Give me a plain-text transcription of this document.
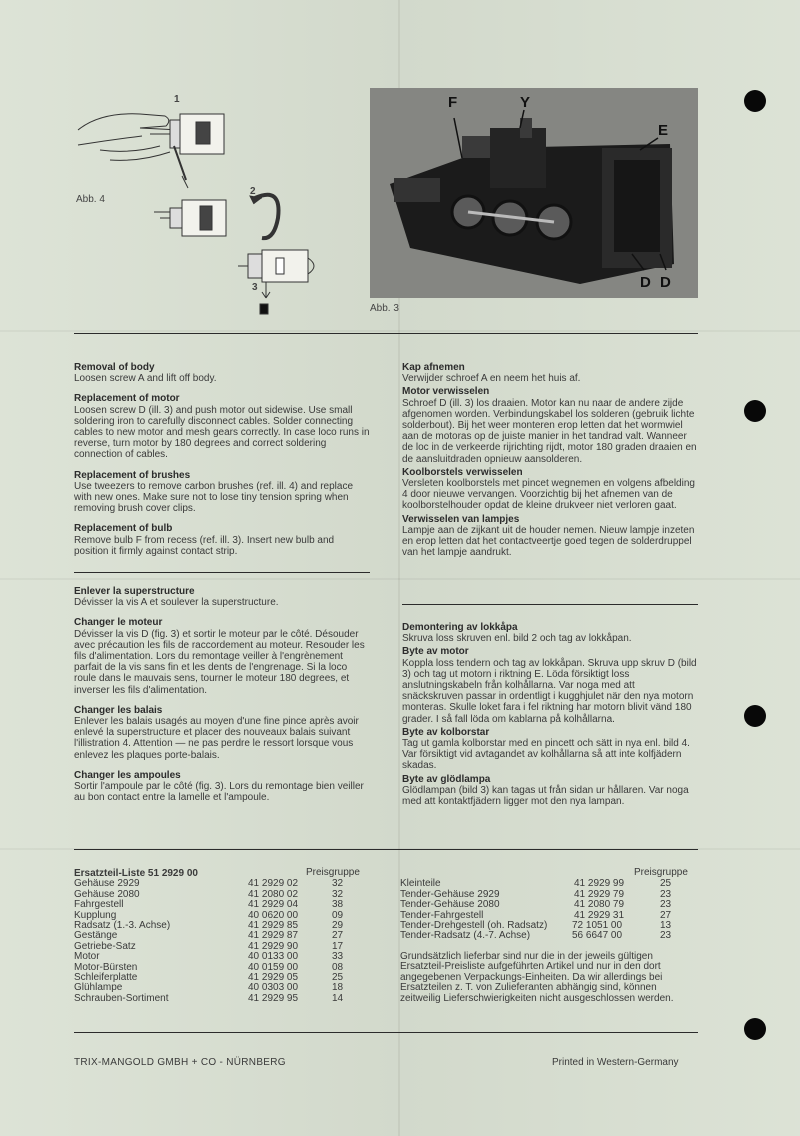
1
2
3
Abb. 4
F	Y
E
D D
Abb. 3
Removal of body

Loosen screw A and lift off body.

Replacement of motor

Loosen screw D (ill. 3) and push motor out sidewise. Use small soldering iron to carefully disconnect cables. Solder connecting cables to new motor and mesh gears correctly. In case loco runs in reverse, turn motor by 180 degrees and correct soldering connection of cables.

Replacement of brushes

Use tweezers to remove carbon brushes (ref. ill. 4) and replace with new ones. Make sure not to lose tiny tension spring when removing brush cover clips.

Replacement of bulb

Remove bulb F from recess (ref. ill. 3). Insert new bulb and position it firmly against contact strip.

Kap afnemen

Verwijder schroef A en neem het huis af.

Motor verwisselen

Schroef D (ill. 3) los draaien. Motor kan nu naar de andere zijde afgenomen worden. Verbindungskabel los solderen (gebruik lichte solderbout). Bij het weer monteren erop letten dat het wormwiel aan de motoras op de juiste manier in het tandrad valt. Wanneer de loc in de verkeerde rijrichting rijdt, motor 180 graden draaien en de aansluitdraden opnieuw aansolderen.

Koolborstels verwisselen

Versleten koolborstels met pincet wegnemen en volgens afbelding 4 door nieuwe vervangen. Voorzichtig bij het afnemen van de koolborstelhouder opdat de kleine drukveer niet verloren gaat.

Verwisselen van lampjes

Lampje aan de zijkant uit de houder nemen. Nieuw lampje inzeten en erop letten dat het contactveertje goed tegen de solderdruppel van het lampje aandrukt.

Enlever la superstructure

Dévisser la vis A et soulever la superstructure.

Changer le moteur

Dévisser la vis D (fig. 3) et sortir le moteur par le côté. Désouder avec précaution les fils de raccordement au moteur. Resouder les fils d'alimentation. Lors du remontage veiller à l'engrènement parfait de la vis sans fin et les dents de l'engrenage. Si la loco roule dans le mauvais sens, tourner le moteur 180 degrees, et inverser les fils d'alimentation.

Changer les balais

Enlever les balais usagés au moyen d'une fine pince après avoir enlevé la superstructure et placer des nouveaux balais suivant l'illistration 4. Attention — ne pas perdre le ressort lorsque vous enlevez les plaques porte-balais.

Changer les ampoules

Sortir l'ampoule par le côté (fig. 3). Lors du remontage bien veiller au bon contact entre la lamelle et l'ampoule.

Demontering av lokkåpa

Skruva loss skruven enl. bild 2 och tag av lokkåpan.

Byte av motor

Koppla loss tendern och tag av lokkåpan. Skruva upp skruv D (bild 3) och tag ut motorn i riktning E. Löda försiktigt loss anslutningskabeln från kolhållarna. Var noga med att snäckskruven passar in ordentligt i kugghjulet när den nya motorn monteras. Skulle loket fara i fel riktning har motorn blivit vänd 180 grader. I så fall löda om kablarna på kolhållarna.

Byte av kolborstar

Tag ut gamla kolborstar med en pincett och sätt in nya enl. bild 4. Var försiktigt vid avtagandet av kolhållarna så att inte kolfjädern skadas.

Byte av glödlampa

Glödlampan (bild 3) kan tagas ut från sidan ur hållaren. Var noga med att kontaktfjädern ligger mot den nya lampan.

Ersatzteil-Liste 51 2929 00	Preisgruppe
Gehäuse 2929	41 2929 02	32
Gehäuse 2080	41 2080 02	32
Fahrgestell	41 2929 04	38
Kupplung	40 0620 00	09
Radsatz (1.-3. Achse)	41 2929 85	29
Gestänge	41 2929 87	27
Getriebe-Satz	41 2929 90	17
Motor	40 0133 00	33
Motor-Bürsten	40 0159 00	08
Schleiferplatte	41 2929 05	25
Glühlampe	40 0303 00	18
Schrauben-Sortiment	41 2929 95	14
Preisgruppe
Kleinteile	41 2929 99	25
Tender-Gehäuse 2929	41 2929 79	23
Tender-Gehäuse 2080	41 2080 79	23
Tender-Fahrgestell	41 2929 31	27
Tender-Drehgestell (oh. Radsatz) 72 1051 00	13
Tender-Radsatz (4.-7. Achse)	56 6647 00	23
Grundsätzlich lieferbar sind nur die in der jeweils gültigen Ersatzteil-Preisliste aufgeführten Artikel und nur in den dort angegebenen Verpackungs-Einheiten. Da wir allerdings bei Ersatzteilen z. T. von Zulieferanten abhängig sind, können zeitweilig Lieferschwierigkeiten nicht ausgeschlossen werden.
TRIX-MANGOLD GMBH + CO - NÜRNBERG	Printed in Western-Germany
